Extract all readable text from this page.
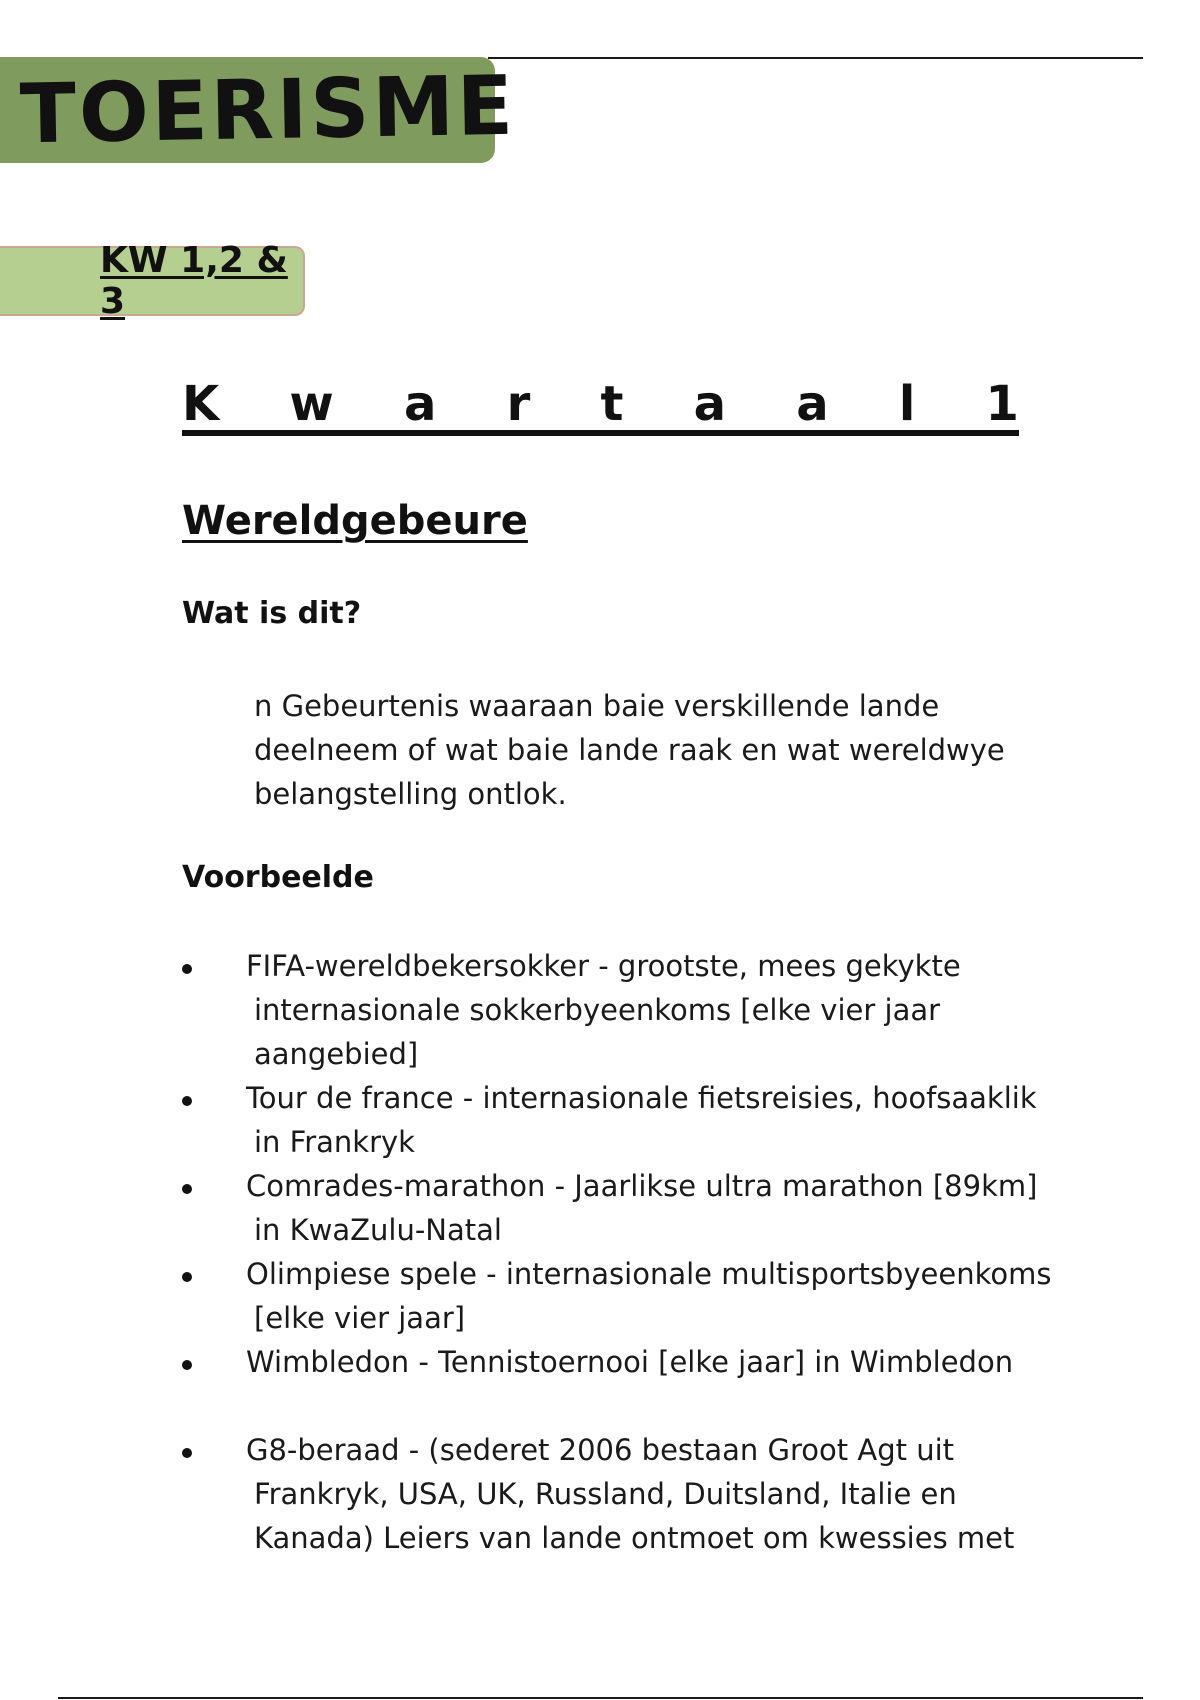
TOERISME
KW 1,2 & 3
K w a r t a a l 1
Wereldgebeure
Wat is dit?

n Gebeurtenis waaraan baie verskillende lande deelneem of wat baie lande raak en wat wereldwye belangstelling ontlok.

Voorbeelde
FIFA-wereldbekersokker - grootste, mees gekykte internasionale sokkerbyeenkoms [elke vier jaar aangebied]
Tour de france - internasionale fietsreisies, hoofsaaklik in Frankryk
Comrades-marathon - Jaarlikse ultra marathon [89km] in KwaZulu-Natal
Olimpiese spele - internasionale multisportsbyeenkoms [elke vier jaar]
Wimbledon - Tennistoernooi [elke jaar] in Wimbledon
G8-beraad - (sederet 2006 bestaan Groot Agt uit Frankryk, USA, UK, Russland, Duitsland, Italie en Kanada) Leiers van lande ontmoet om kwessies met
